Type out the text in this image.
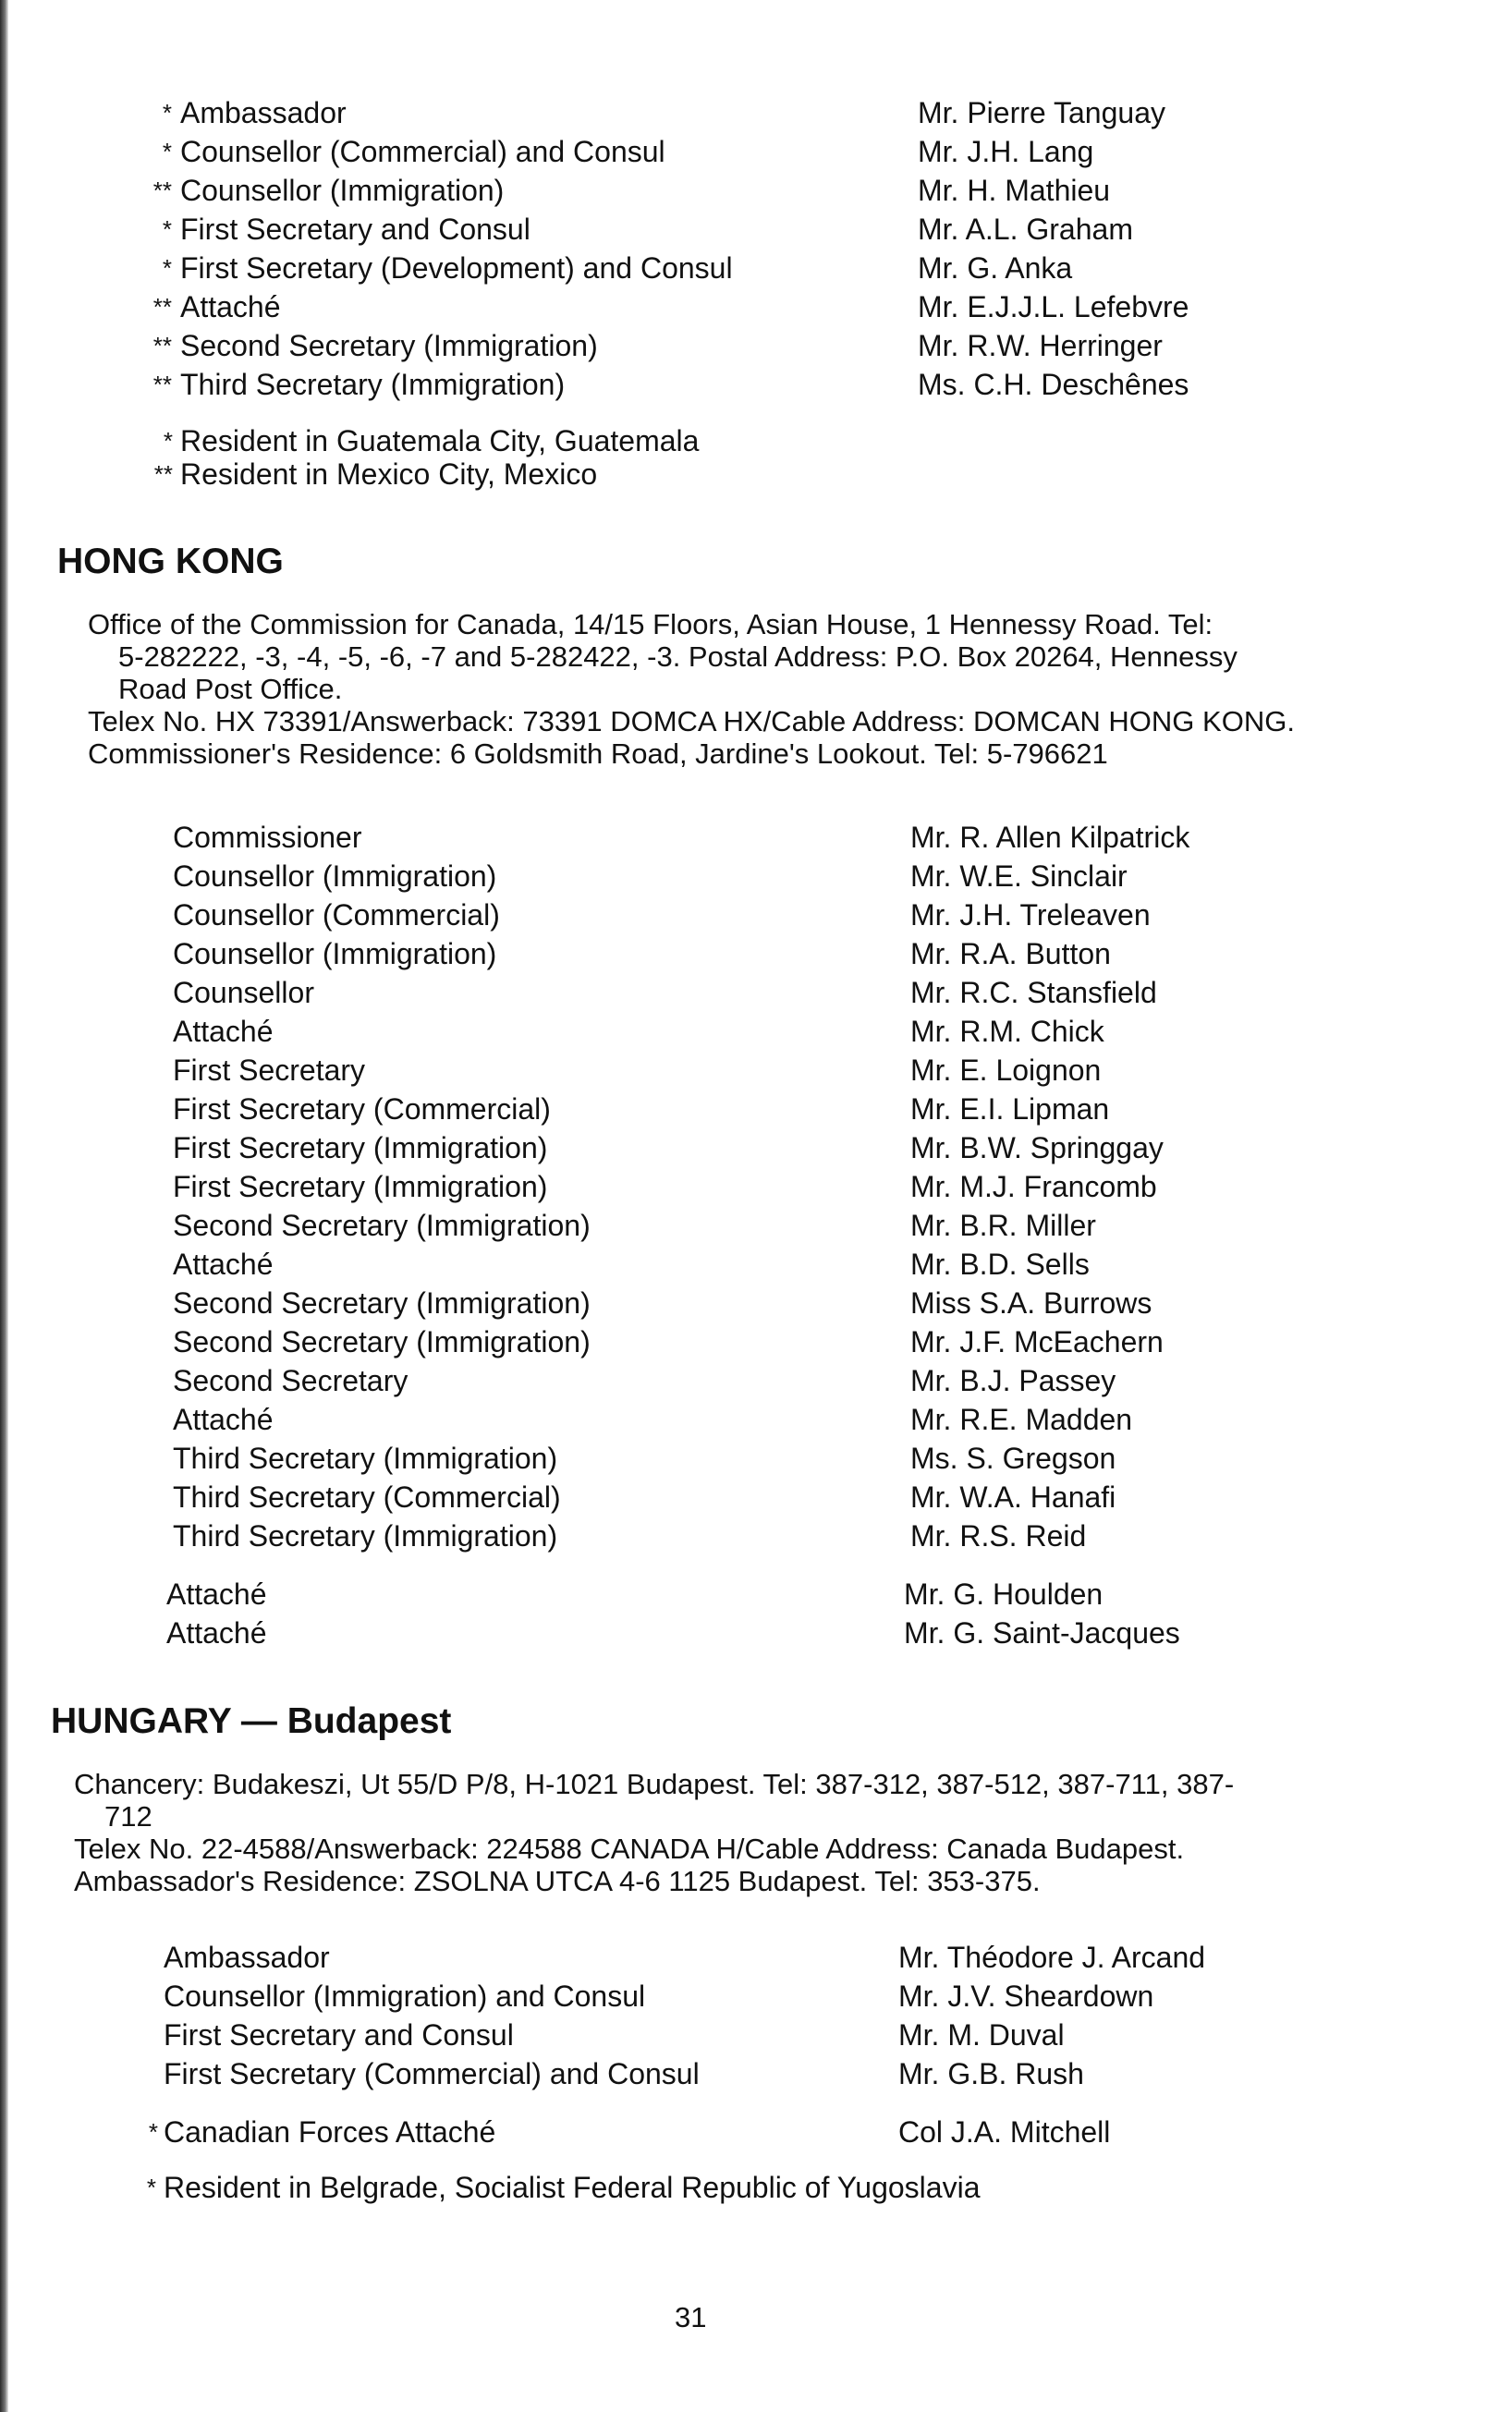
* Ambassador	Mr. Pierre Tanguay
* Counsellor (Commercial) and Consul	Mr. J.H. Lang
** Counsellor (Immigration)	Mr. H. Mathieu
* First Secretary and Consul	Mr. A.L. Graham
* First Secretary (Development) and Consul	Mr. G. Anka
** Attaché	Mr. E.J.J.L. Lefebvre
** Second Secretary (Immigration)	Mr. R.W. Herringer
** Third Secretary (Immigration)	Ms. C.H. Deschênes
* Resident in Guatemala City, Guatemala
** Resident in Mexico City, Mexico
HONG KONG

Office of the Commission for Canada, 14/15 Floors, Asian House, 1 Hennessy Road. Tel:

5-282222, -3, -4, -5, -6, -7 and 5-282422, -3. Postal Address: P.O. Box 20264, Hennessy

Road Post Office.

Telex No. HX 73391/Answerback: 73391 DOMCA HX/Cable Address: DOMCAN HONG KONG.

Commissioner's Residence: 6 Goldsmith Road, Jardine's Lookout. Tel: 5-796621

Commissioner	Mr. R. Allen Kilpatrick
Counsellor (Immigration)	Mr. W.E. Sinclair
Counsellor (Commercial)	Mr. J.H. Treleaven
Counsellor (Immigration)	Mr. R.A. Button
Counsellor	Mr. R.C. Stansfield
Attaché	Mr. R.M. Chick
First Secretary	Mr. E. Loignon
First Secretary (Commercial)	Mr. E.I. Lipman
First Secretary (Immigration)	Mr. B.W. Springgay
First Secretary (Immigration)	Mr. M.J. Francomb
Second Secretary (Immigration)	Mr. B.R. Miller
Attaché	Mr. B.D. Sells
Second Secretary (Immigration)	Miss S.A. Burrows
Second Secretary (Immigration)	Mr. J.F. McEachern
Second Secretary	Mr. B.J. Passey
Attaché	Mr. R.E. Madden
Third Secretary (Immigration)	Ms. S. Gregson
Third Secretary (Commercial)	Mr. W.A. Hanafi
Third Secretary (Immigration)	Mr. R.S. Reid
Attaché	Mr. G. Houlden
Attaché	Mr. G. Saint-Jacques
HUNGARY — Budapest

Chancery: Budakeszi, Ut 55/D P/8, H-1021 Budapest. Tel: 387-312, 387-512, 387-711, 387-

712

Telex No. 22-4588/Answerback: 224588 CANADA H/Cable Address: Canada Budapest.

Ambassador's Residence: ZSOLNA UTCA 4-6 1125 Budapest. Tel: 353-375.

Ambassador	Mr. Théodore J. Arcand
Counsellor (Immigration) and Consul	Mr. J.V. Sheardown
First Secretary and Consul	Mr. M. Duval
First Secretary (Commercial) and Consul	Mr. G.B. Rush
* Canadian Forces Attaché	Col J.A. Mitchell
* Resident in Belgrade, Socialist Federal Republic of Yugoslavia
31
